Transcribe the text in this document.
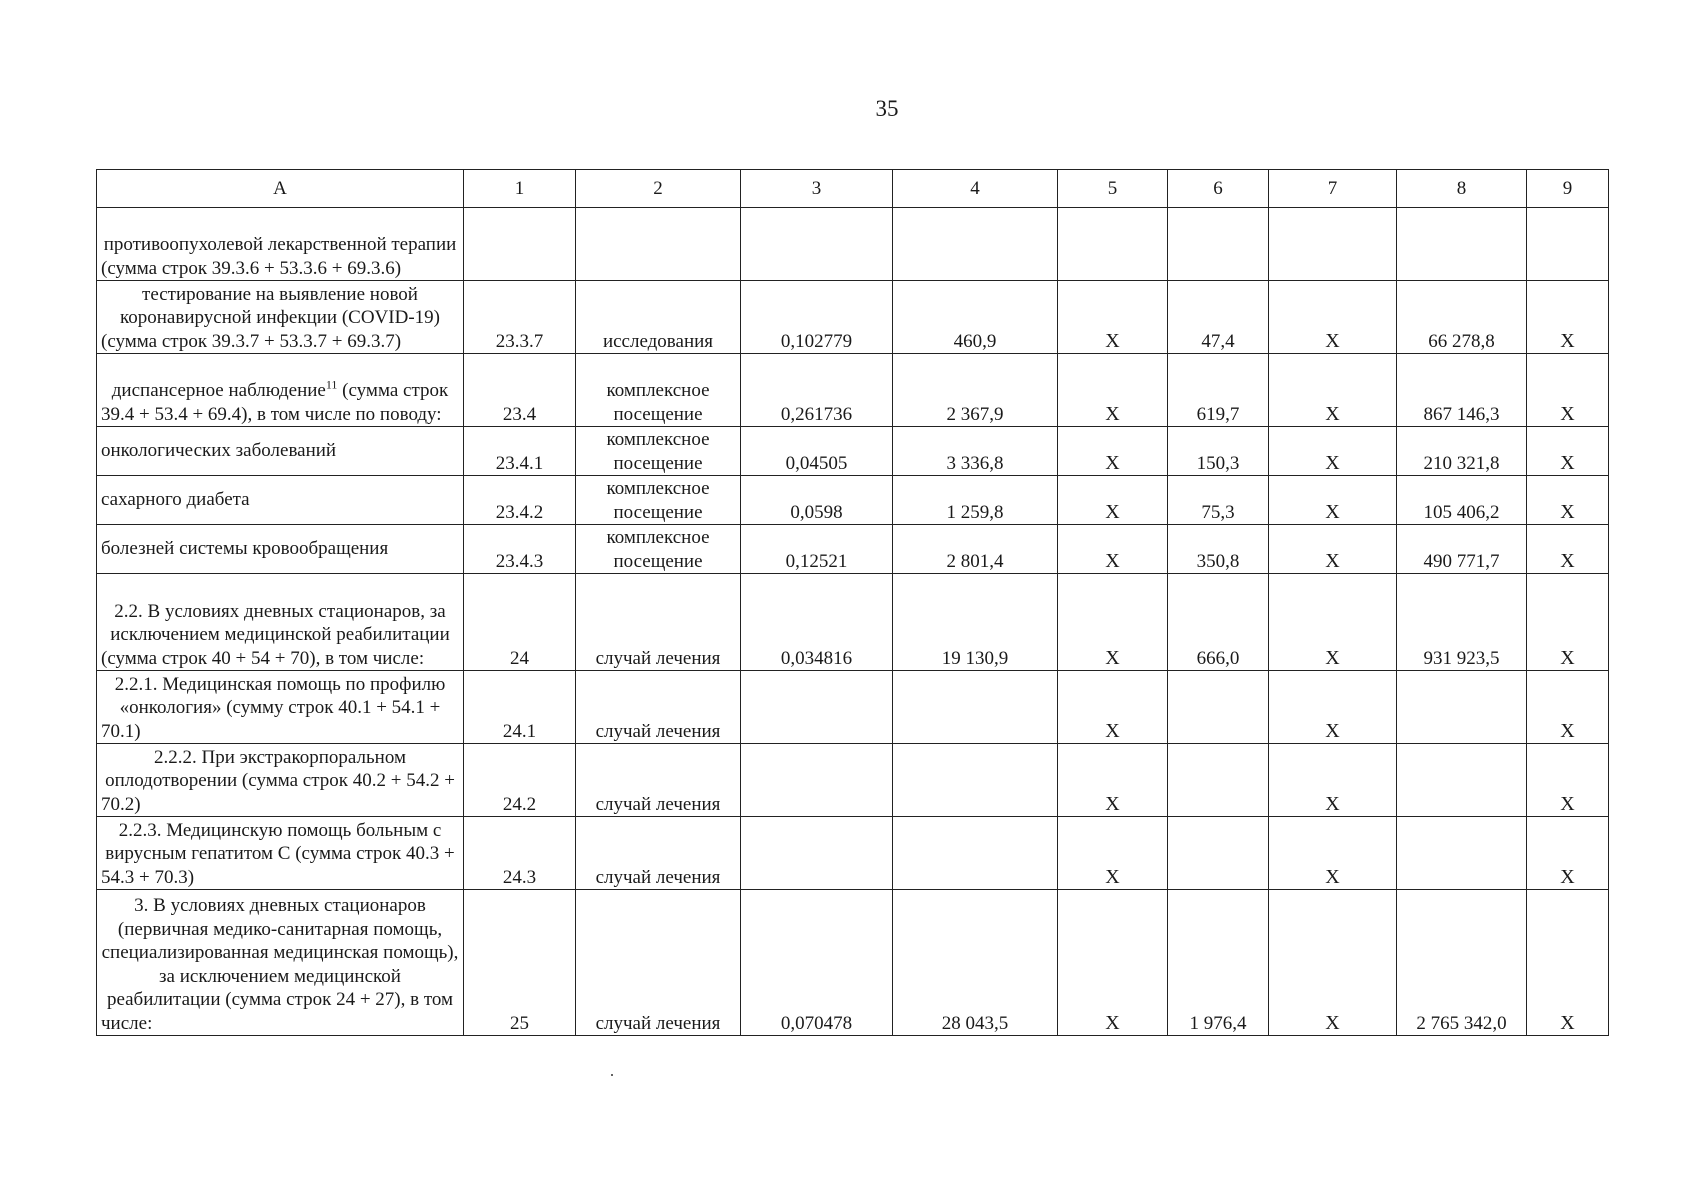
35
А	1	2	3	4	5	6	7	8	9
противоопухолевой лекарственной терапии (сумма строк 39.3.6 + 53.3.6 + 69.3.6)									
тестирование на выявление новой коронавирусной инфекции (COVID-19) (сумма строк 39.3.7 + 53.3.7 + 69.3.7)	23.3.7	исследования	0,102779	460,9	X	47,4	X	66 278,8	X
диспансерное наблюдение$^{11}$ (сумма строк 39.4 + 53.4 + 69.4), в том числе по поводу:	23.4	комплексное посещение	0,261736	2 367,9	X	619,7	X	867 146,3	X
онкологических заболеваний	23.4.1	комплексное посещение	0,04505	3 336,8	X	150,3	X	210 321,8	X
сахарного диабета	23.4.2	комплексное посещение	0,0598	1 259,8	X	75,3	X	105 406,2	X
болезней системы кровообращения	23.4.3	комплексное посещение	0,12521	2 801,4	X	350,8	X	490 771,7	X
2.2. В условиях дневных стационаров, за исключением медицинской реабилитации (сумма строк 40 + 54 + 70), в том числе:	24	случай лечения	0,034816	19 130,9	X	666,0	X	931 923,5	X
2.2.1. Медицинская помощь по профилю «онкология» (сумму строк 40.1 + 54.1 + 70.1)	24.1	случай лечения			X		X		X
2.2.2. При экстракорпоральном оплодотворении (сумма строк 40.2 + 54.2 + 70.2)	24.2	случай лечения			X		X		X
2.2.3. Медицинскую помощь больным с вирусным гепатитом С (сумма строк 40.3 + 54.3 + 70.3)	24.3	случай лечения			X		X		X
3. В условиях дневных стационаров (первичная медико-санитарная помощь, специализированная медицинская помощь), за исключением медицинской реабилитации (сумма строк 24 + 27), в том числе:	25	случай лечения	0,070478	28 043,5	X	1 976,4	X	2 765 342,0	X
